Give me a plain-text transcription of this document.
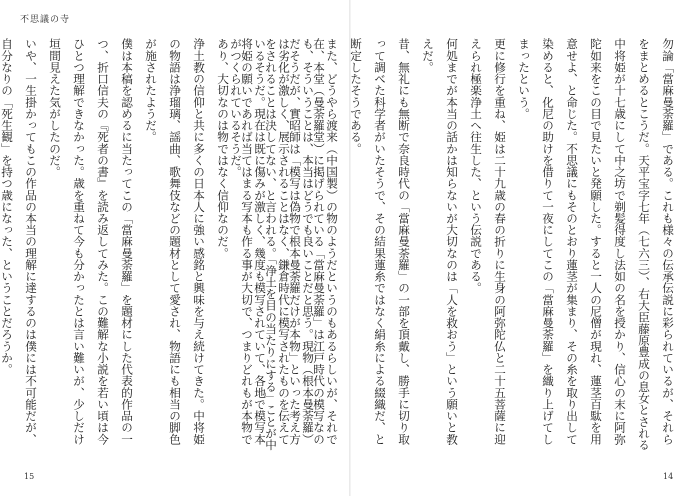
不思議の寺

在、本堂（曼荼羅堂）に掲げられている「當麻曼荼羅」は江戸時代の模写なのだそうだが、實昭師は「模写は偽物で根本曼荼羅だけが本物」といった考え方をされることは決してない、と言われる。「浄土を目の当たりにする」ことが中将姫の願いであれば当てはまる写本も作る事が大切で、つまりどれもが本物であり、大切なのは物ではなく信仰なのだ。

浄土教の信仰と共に多くの日本人に強い感銘と興味を与え続けてきた。中将姫の物語は浄瑠璃、謡曲、歌舞伎などの題材として愛され、物語にも相当の脚色が施されたようだ。

僕は本稿を認めるに当たってこの「當麻曼荼羅」を題材にした代表的作品の一つ、折口信夫の『死者の書』を読み返してみた。この難解な小説を若い頃は今ひとつ理解できなかった。歳を重ねて今も分かったとは言い難いが、少しだけ垣間見えた気がしたのだ。

いや、一生掛かってもこの作品の本当の理解に達するのは僕には不可能だが、自分なりの「死生観」を持つ歳になった、ということだろうか。	勿論「當麻曼荼羅」である。これも様々の伝承伝説に彩られているが、それらをまとめるとこうだ。天平宝字七年（七六三）、右大臣藤原豊成の息女とされる中将姫が十七歳にして中之坊で剃髪得度し法如の名を授かり、信心の末に阿弥陀如来をこの目で見たいと発願した。すると一人の尼僧が現れ、蓮茎百駄を用意せよ、と命じた。不思議にもそのとおり蓮茎が集まり、その糸を取り出して染めると、化尼の助けを借りて一夜にしてこの「當麻曼荼羅」を織り上げてしまったという。

更に修行を重ね、姫は二十九歳の春の折りに生身の阿弥陀仏と二十五菩薩に迎えられ極楽浄土へ往生した、という伝説である。

何処までが本当の話かは知らないが大切なのは「人を救おう」という願いと教えだ。

昔、無礼にも無断で奈良時代の「當麻曼荼羅」の一部を頂戴し、勝手に切り取って調べた科学者がいたそうで、その結果蓮糸ではなく絹糸による綴織だ、と断定したそうである。

また、どうやら渡来（中国製）の物のようだというのもあるらしいが、それでも、そういうことは、本当はどうでも良いことだと思う。現物（根本曼荼羅）は劣化が激しく、展示されることはなく、鎌倉時代に模写されたものを伝えているそうだ。現在は既に傷みが激しく、幾度も模写されていて、各地で模写本がつくられているそうだ。

15	14
